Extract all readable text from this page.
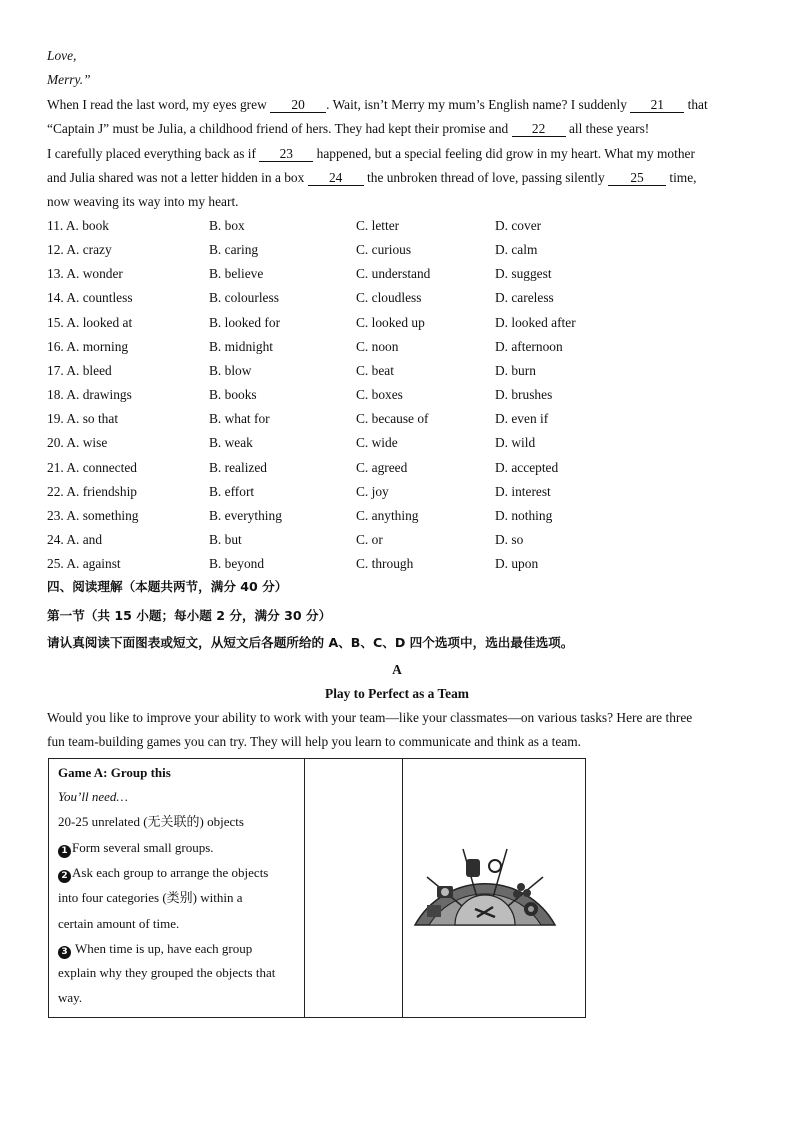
Love,
Merry.”
When I read the last word, my eyes grew 20 . Wait, isn’t Merry my mum’s English name? I suddenly 21 that
“Captain J” must be Julia, a childhood friend of hers. They had kept their promise and 22 all these years!
I carefully placed everything back as if 23 happened, but a special feeling did grow in my heart. What my mother
and Julia shared was not a letter hidden in a box 24 the unbroken thread of love, passing silently 25 time,
now weaving its way into my heart.
11. A. book	B. box	C. letter	D. cover
12. A. crazy	B. caring	C. curious	D. calm
13. A. wonder	B. believe	C. understand	D. suggest
14. A. countless	B. colourless	C. cloudless	D. careless
15. A. looked at	B. looked for	C. looked up	D. looked after
16. A. morning	B. midnight	C. noon	D. afternoon
17. A. bleed	B. blow	C. beat	D. burn
18. A. drawings	B. books	C. boxes	D. brushes
19. A. so that	B. what for	C. because of	D. even if
20. A. wise	B. weak	C. wide	D. wild
21. A. connected	B. realized	C. agreed	D. accepted
22. A. friendship	B. effort	C. joy	D. interest
23. A. something	B. everything	C. anything	D. nothing
24. A. and	B. but	C. or	D. so
25. A. against	B. beyond	C. through	D. upon
四、阅读理解（本题共两节，满分 40 分）
第一节（共 15 小题；每小题 2 分，满分 30 分）
请认真阅读下面图表或短文，从短文后各题所给的 A、B、C、D 四个选项中，选出最佳选项。
A
Play to Perfect as a Team
Would you like to improve your ability to work with your team—like your classmates—on various tasks? Here are three
fun team-building games you can try. They will help you learn to communicate and think as a team.
Game A: Group this
You’ll need…
20-25 unrelated (无关联的) objects
1 Form several small groups.
2 Ask each group to arrange the objects
into four categories (类别) within a
certain amount of time.
3 When time is up, have each group
explain why they grouped the objects that
way.
